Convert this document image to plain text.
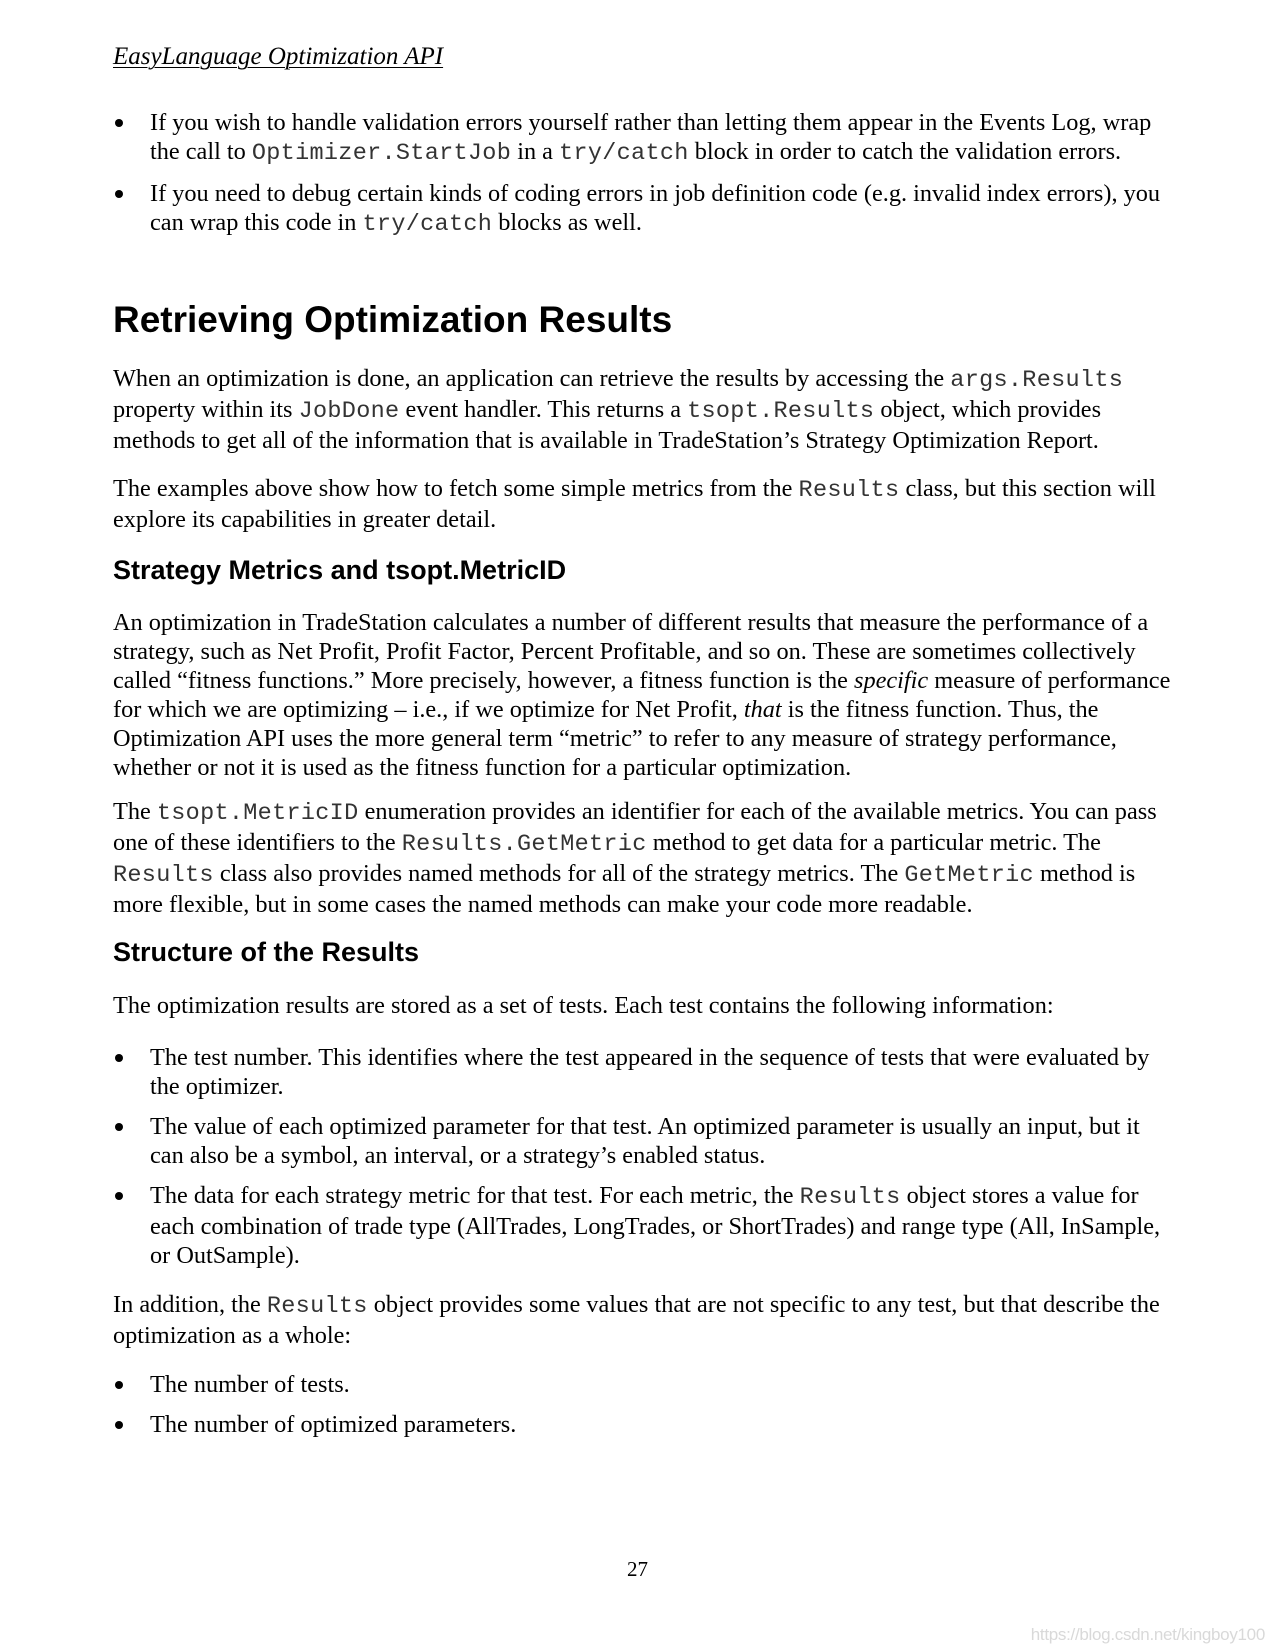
EasyLanguage Optimization API
If you wish to handle validation errors yourself rather than letting them appear in the Events Log, wrap the call to Optimizer.StartJob in a try/catch block in order to catch the validation errors.
If you need to debug certain kinds of coding errors in job definition code (e.g. invalid index errors), you can wrap this code in try/catch blocks as well.
Retrieving Optimization Results

When an optimization is done, an application can retrieve the results by accessing the args.Results property within its JobDone event handler. This returns a tsopt.Results object, which provides methods to get all of the information that is available in TradeStation’s Strategy Optimization Report.

The examples above show how to fetch some simple metrics from the Results class, but this section will explore its capabilities in greater detail.

Strategy Metrics and tsopt.MetricID

An optimization in TradeStation calculates a number of different results that measure the performance of a strategy, such as Net Profit, Profit Factor, Percent Profitable, and so on. These are sometimes collectively called “fitness functions.” More precisely, however, a fitness function is the specific measure of performance for which we are optimizing – i.e., if we optimize for Net Profit, that is the fitness function. Thus, the Optimization API uses the more general term “metric” to refer to any measure of strategy performance, whether or not it is used as the fitness function for a particular optimization.

The tsopt.MetricID enumeration provides an identifier for each of the available metrics. You can pass one of these identifiers to the Results.GetMetric method to get data for a particular metric. The Results class also provides named methods for all of the strategy metrics. The GetMetric method is more flexible, but in some cases the named methods can make your code more readable.

Structure of the Results

The optimization results are stored as a set of tests. Each test contains the following information:

The test number. This identifies where the test appeared in the sequence of tests that were evaluated by the optimizer.
The value of each optimized parameter for that test. An optimized parameter is usually an input, but it can also be a symbol, an interval, or a strategy’s enabled status.
The data for each strategy metric for that test. For each metric, the Results object stores a value for each combination of trade type (AllTrades, LongTrades, or ShortTrades) and range type (All, InSample, or OutSample).

In addition, the Results object provides some values that are not specific to any test, but that describe the optimization as a whole:

The number of tests.
The number of optimized parameters.
27
https://blog.csdn.net/kingboy100
